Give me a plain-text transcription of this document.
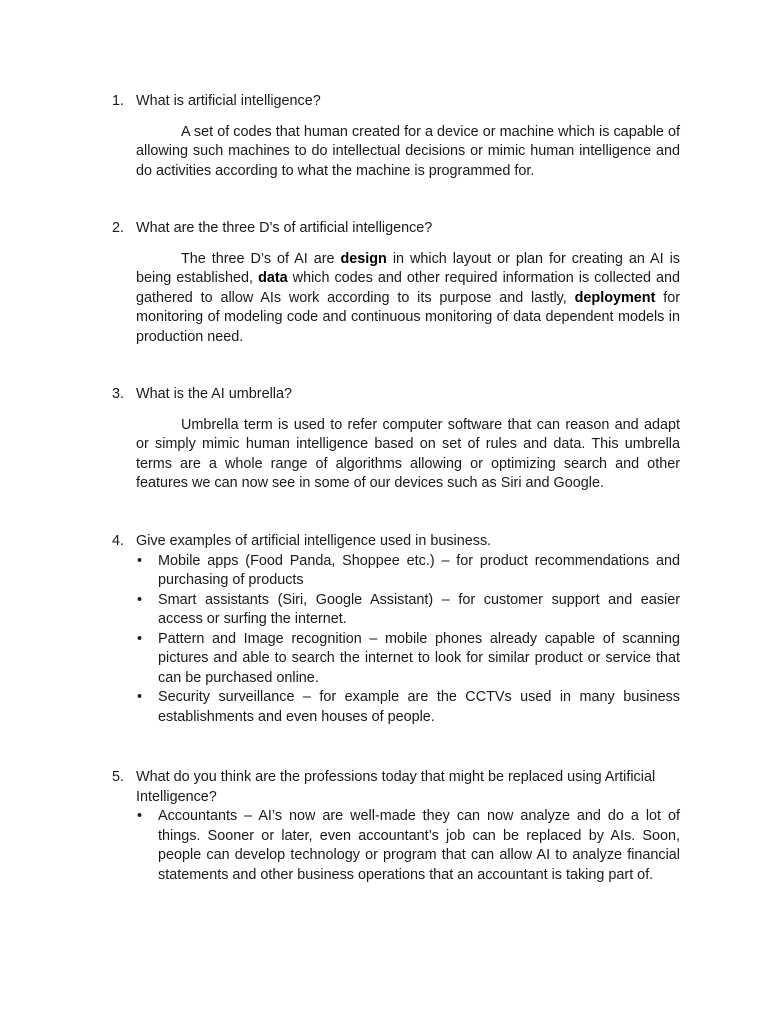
1. What is artificial intelligence?
A set of codes that human created for a device or machine which is capable of allowing such machines to do intellectual decisions or mimic human intelligence and do activities according to what the machine is programmed for.
2. What are the three D's of artificial intelligence?
The three D’s of AI are design in which layout or plan for creating an AI is being established, data which codes and other required information is collected and gathered to allow AIs work according to its purpose and lastly, deployment for monitoring of modeling code and continuous monitoring of data dependent models in production need.
3. What is the AI umbrella?
Umbrella term is used to refer computer software that can reason and adapt or simply mimic human intelligence based on set of rules and data. This umbrella terms are a whole range of algorithms allowing or optimizing search and other features we can now see in some of our devices such as Siri and Google.
4. Give examples of artificial intelligence used in business.
• Mobile apps (Food Panda, Shoppee etc.) – for product recommendations and purchasing of products
• Smart assistants (Siri, Google Assistant) – for customer support and easier access or surfing the internet.
• Pattern and Image recognition – mobile phones already capable of scanning pictures and able to search the internet to look for similar product or service that can be purchased online.
• Security surveillance – for example are the CCTVs used in many business establishments and even houses of people.
5. What do you think are the professions today that might be replaced using Artificial Intelligence?
• Accountants – AI’s now are well-made they can now analyze and do a lot of things. Sooner or later, even accountant’s job can be replaced by AIs. Soon, people can develop technology or program that can allow AI to analyze financial statements and other business operations that an accountant is taking part of.
